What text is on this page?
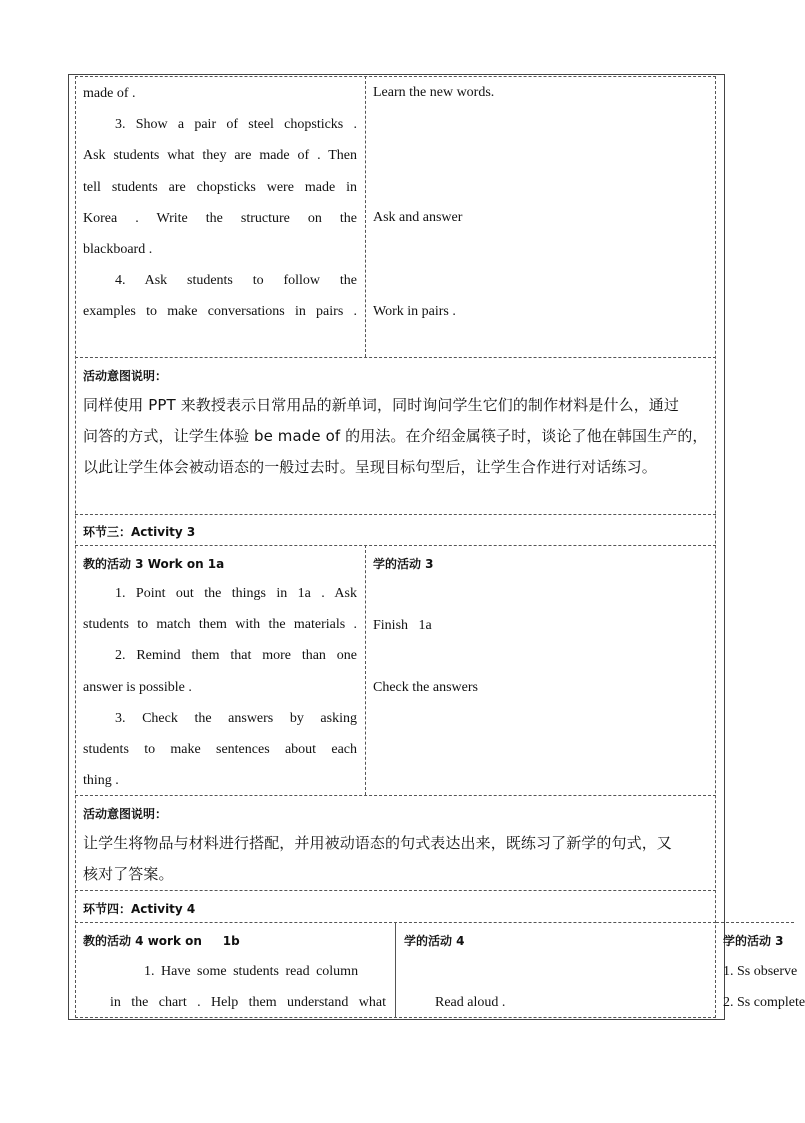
made of .
3. Show a pair of steel chopsticks .
Ask students what they are made of . Then
tell students are chopsticks were made in
Korea . Write the structure on the
blackboard .
4. Ask students to follow the
examples to make conversations in pairs .
Learn the new words.
Ask and answer
Work in pairs .
活动意图说明：
同样使用 PPT 来教授表示日常用品的新单词，同时询问学生它们的制作材料是什么，通过
问答的方式，让学生体验 be made of 的用法。在介绍金属筷子时，谈论了他在韩国生产的，
以此让学生体会被动语态的一般过去时。呈现目标句型后，让学生合作进行对话练习。
环节三：Activity 3
教的活动 3 Work on 1a
1. Point out the things in 1a . Ask
students to match them with the materials .
2. Remind them that more than one
answer is possible .
3. Check the answers by asking
students to make sentences about each
thing .
学的活动 3
Finish   1a
Check the answers
活动意图说明：
让学生将物品与材料进行搭配，并用被动语态的句式表达出来，既练习了新学的句式，又
核对了答案。
环节四：Activity 4
教的活动 4 work on     1b
1. Have some students read column
in the chart . Help them understand what
学的活动 4
Read aloud .
学的活动 3
1. Ss observe
2. Ss complete
